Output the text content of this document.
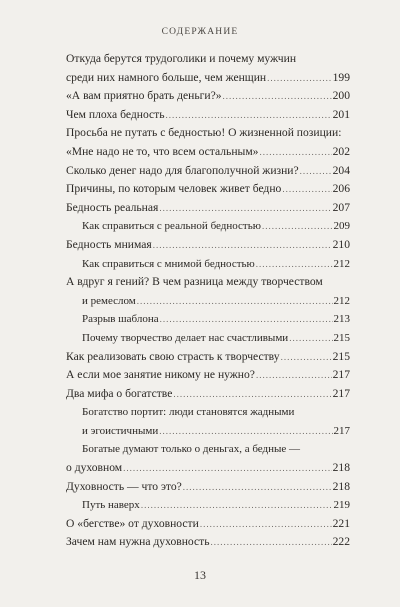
СОДЕРЖАНИЕ
Откуда берутся трудоголики и почему мужчин
среди них намного больше, чем женщин .....	199
«А вам приятно брать деньги?» .....	200
Чем плоха бедность .....	201
Просьба не путать с бедностью! О жизненной позиции:
«Мне надо не то, что всем остальным» .....	202
Сколько денег надо для благополучной жизни? .....	204
Причины, по которым человек живет бедно .....	206
Бедность реальная .....	207
Как справиться с реальной бедностью .....	209
Бедность мнимая .....	210
Как справиться с мнимой бедностью .....	212
А вдруг я гений? В чем разница между творчеством
и ремеслом .....	212
Разрыв шаблона .....	213
Почему творчество делает нас счастливыми .....	215
Как реализовать свою страсть к творчеству .....	215
А если мое занятие никому не нужно? .....	217
Два мифа о богатстве .....	217
Богатство портит: люди становятся жадными
и эгоистичными .....	217
Богатые думают только о деньгах, а бедные —
о духовном .....	218
Духовность — что это? .....	218
Путь наверх .....	219
О «бегстве» от духовности .....	221
Зачем нам нужна духовность .....	222
13
